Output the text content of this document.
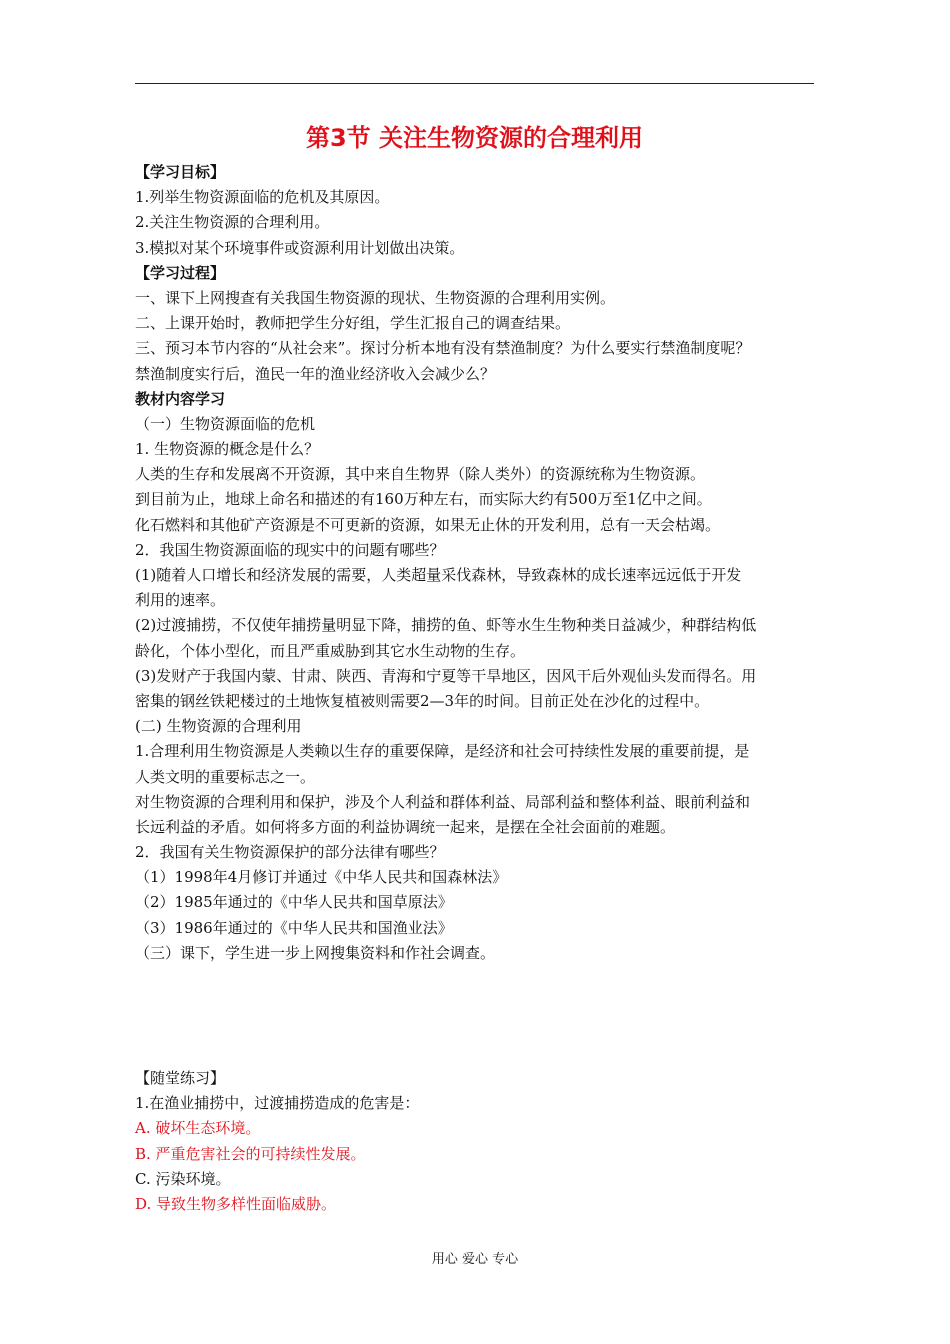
第3节 关注生物资源的合理利用
【学习目标】
1.列举生物资源面临的危机及其原因。
2.关注生物资源的合理利用。
3.模拟对某个环境事件或资源利用计划做出决策。
【学习过程】
一、课下上网搜查有关我国生物资源的现状、生物资源的合理利用实例。
二、上课开始时，教师把学生分好组，学生汇报自己的调查结果。
三、预习本节内容的“从社会来”。探讨分析本地有没有禁渔制度？为什么要实行禁渔制度呢？
禁渔制度实行后，渔民一年的渔业经济收入会减少么？
教材内容学习
（一）生物资源面临的危机
1. 生物资源的概念是什么？
人类的生存和发展离不开资源，其中来自生物界（除人类外）的资源统称为生物资源。
到目前为止，地球上命名和描述的有160万种左右，而实际大约有500万至1亿中之间。
化石燃料和其他矿产资源是不可更新的资源，如果无止休的开发利用，总有一天会枯竭。
2．我国生物资源面临的现实中的问题有哪些？
(1)随着人口增长和经济发展的需要，人类超量采伐森林，导致森林的成长速率远远低于开发
利用的速率。
(2)过渡捕捞，不仅使年捕捞量明显下降，捕捞的鱼、虾等水生生物种类日益减少，种群结构低
龄化，个体小型化，而且严重威胁到其它水生动物的生存。
(3)发财产于我国内蒙、甘肃、陕西、青海和宁夏等干旱地区，因风干后外观仙头发而得名。用
密集的钢丝铁耙楼过的土地恢复植被则需要2—3年的时间。目前正处在沙化的过程中。
(二) 生物资源的合理利用
1.合理利用生物资源是人类赖以生存的重要保障，是经济和社会可持续性发展的重要前提，是
人类文明的重要标志之一。
对生物资源的合理利用和保护，涉及个人利益和群体利益、局部利益和整体利益、眼前利益和
长远利益的矛盾。如何将多方面的利益协调统一起来，是摆在全社会面前的难题。
2．我国有关生物资源保护的部分法律有哪些？
（1）1998年4月修订并通过《中华人民共和国森林法》
（2）1985年通过的《中华人民共和国草原法》
（3）1986年通过的《中华人民共和国渔业法》
（三）课下，学生进一步上网搜集资料和作社会调查。
【随堂练习】
1.在渔业捕捞中，过渡捕捞造成的危害是：
A. 破坏生态环境。
B. 严重危害社会的可持续性发展。
C. 污染环境。
D. 导致生物多样性面临威胁。
用心 爱心 专心
